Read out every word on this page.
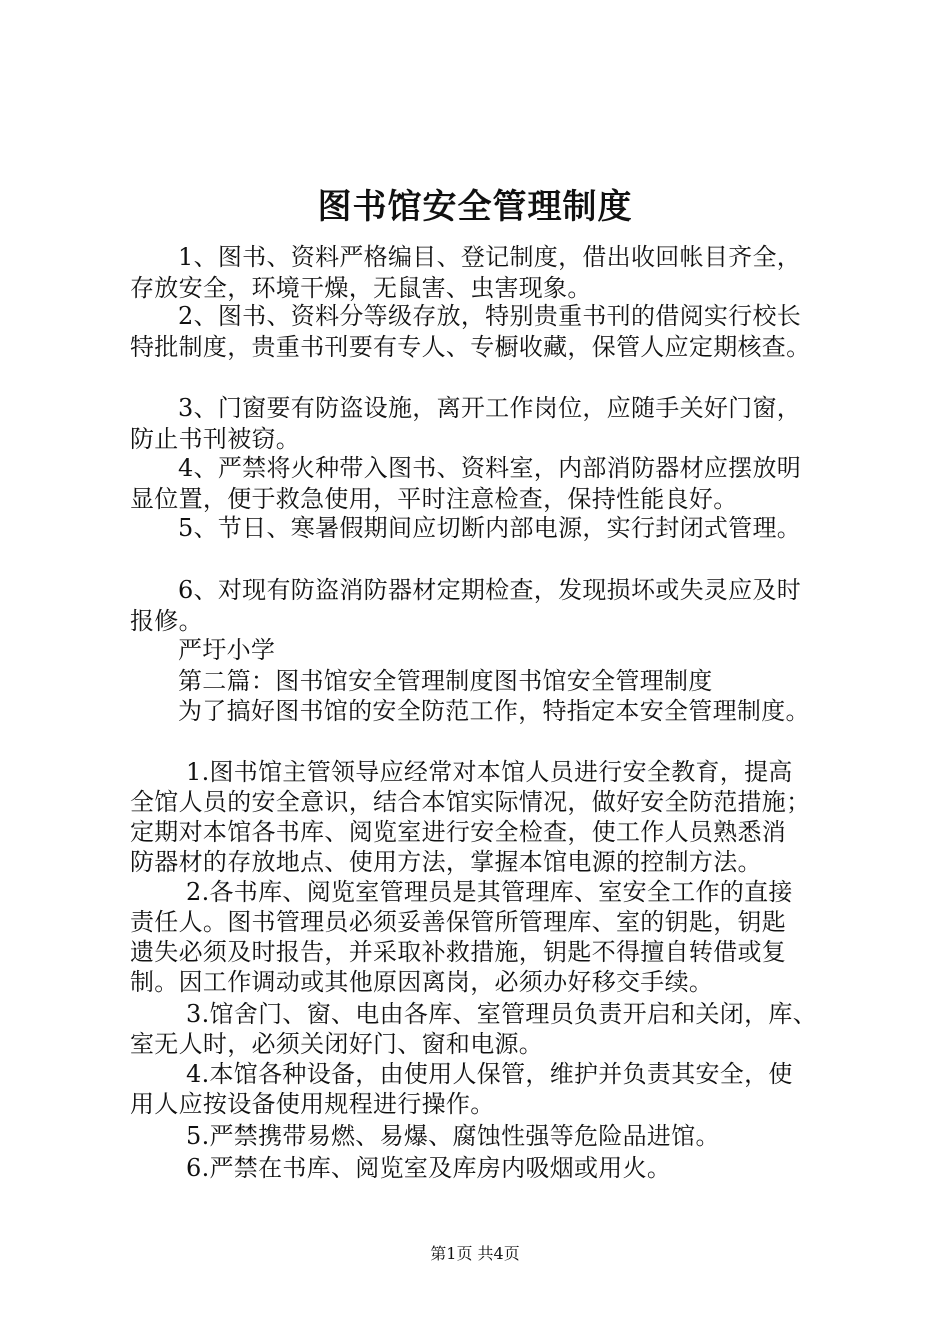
图书馆安全管理制度
1、图书、资料严格编目、登记制度，借出收回帐目齐全，
存放安全，环境干燥，无鼠害、虫害现象。
2、图书、资料分等级存放，特别贵重书刊的借阅实行校长
特批制度，贵重书刊要有专人、专橱收藏，保管人应定期核查。
3、门窗要有防盗设施，离开工作岗位，应随手关好门窗，
防止书刊被窃。
4、严禁将火种带入图书、资料室，内部消防器材应摆放明
显位置，便于救急使用，平时注意检查，保持性能良好。
5、节日、寒暑假期间应切断内部电源，实行封闭式管理。
6、对现有防盗消防器材定期检查，发现损坏或失灵应及时
报修。
严圩小学
第二篇：图书馆安全管理制度图书馆安全管理制度
为了搞好图书馆的安全防范工作，特指定本安全管理制度。
1.图书馆主管领导应经常对本馆人员进行安全教育，提高
全馆人员的安全意识，结合本馆实际情况，做好安全防范措施；
定期对本馆各书库、阅览室进行安全检查，使工作人员熟悉消
防器材的存放地点、使用方法，掌握本馆电源的控制方法。
2.各书库、阅览室管理员是其管理库、室安全工作的直接
责任人。图书管理员必须妥善保管所管理库、室的钥匙，钥匙
遗失必须及时报告，并采取补救措施，钥匙不得擅自转借或复
制。因工作调动或其他原因离岗，必须办好移交手续。
3.馆舍门、窗、电由各库、室管理员负责开启和关闭，库、
室无人时，必须关闭好门、窗和电源。
4.本馆各种设备，由使用人保管，维护并负责其安全，使
用人应按设备使用规程进行操作。
5.严禁携带易燃、易爆、腐蚀性强等危险品进馆。
6.严禁在书库、阅览室及库房内吸烟或用火。
第1页 共4页
